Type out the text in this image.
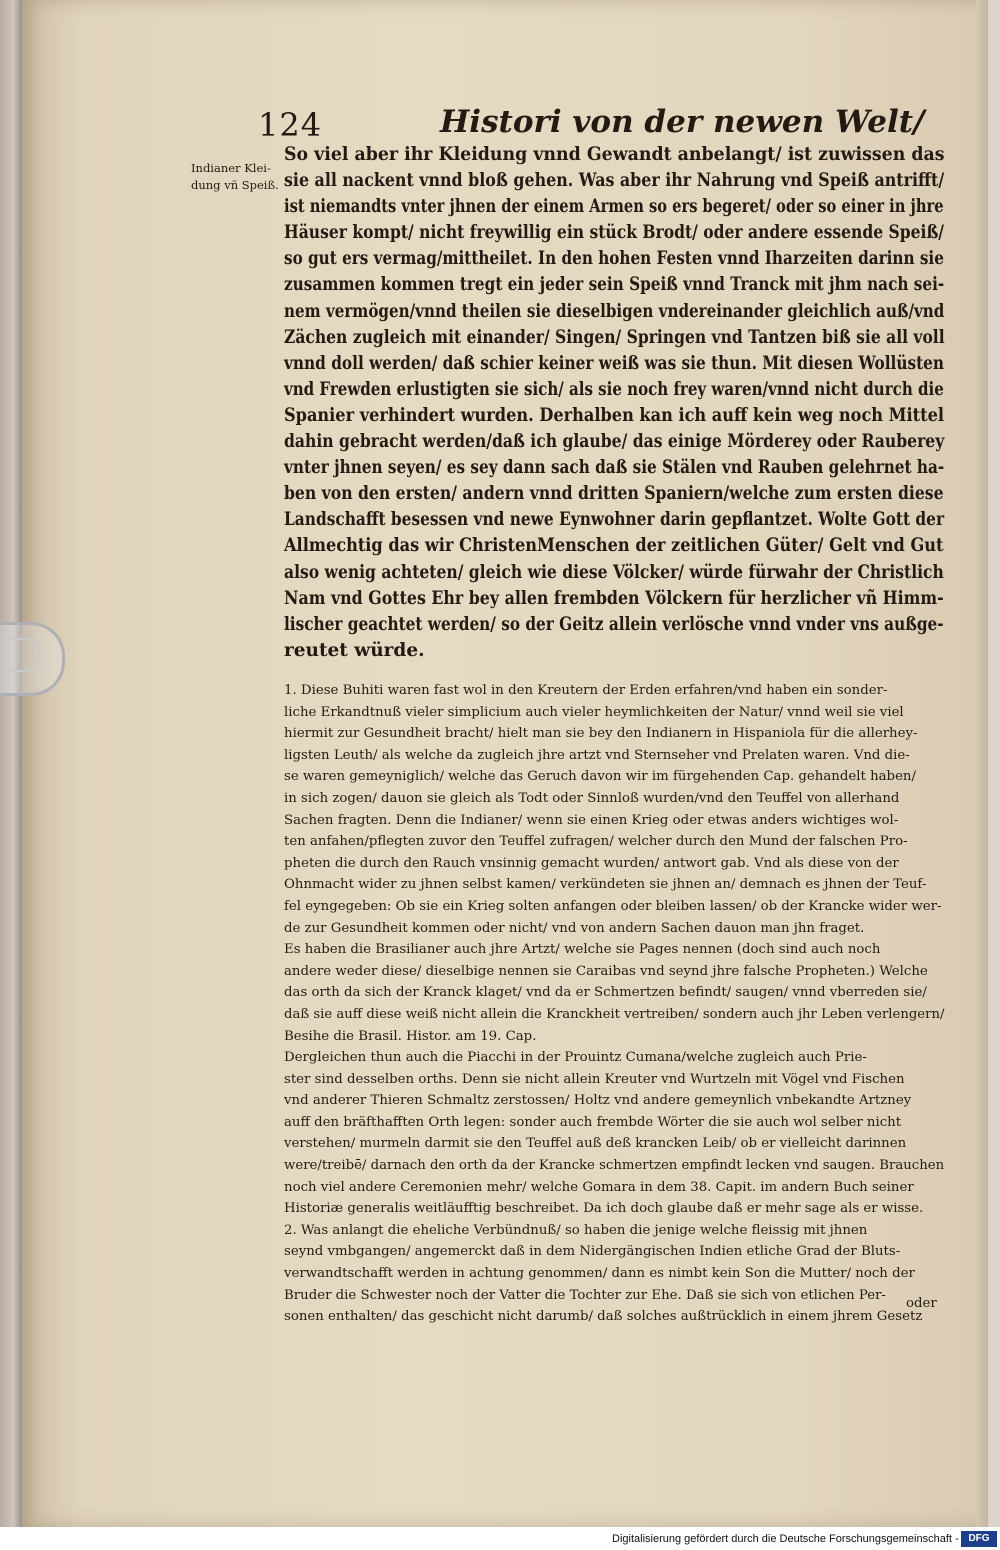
124	Histori von der newen Welt/
Indianer Klei-
dung vñ Speiß.
So viel aber ihr Kleidung vnnd Gewandt anbelangt/ ist zuwissen das
sie all nackent vnnd bloß gehen. Was aber ihr Nahrung vnd Speiß antrifft/
ist niemandts vnter jhnen der einem Armen so ers begeret/ oder so einer in jhre
Häuser kompt/ nicht freywillig ein stück Brodt/ oder andere essende Speiß/
so gut ers vermag/mittheilet. In den hohen Festen vnnd Iharzeiten darinn sie
zusammen kommen tregt ein jeder sein Speiß vnnd Tranck mit jhm nach sei-
nem vermögen/vnnd theilen sie dieselbigen vndereinander gleichlich auß/vnd
Zächen zugleich mit einander/ Singen/ Springen vnd Tantzen biß sie all voll
vnnd doll werden/ daß schier keiner weiß was sie thun. Mit diesen Wollüsten
vnd Frewden erlustigten sie sich/ als sie noch frey waren/vnnd nicht durch die
Spanier verhindert wurden. Derhalben kan ich auff kein weg noch Mittel
dahin gebracht werden/daß ich glaube/ das einige Mörderey oder Rauberey
vnter jhnen seyen/ es sey dann sach daß sie Stälen vnd Rauben gelehrnet ha-
ben von den ersten/ andern vnnd dritten Spaniern/welche zum ersten diese
Landschafft besessen vnd newe Eynwohner darin gepflantzet. Wolte Gott der
Allmechtig das wir ChristenMenschen der zeitlichen Güter/ Gelt vnd Gut
also wenig achteten/ gleich wie diese Völcker/ würde fürwahr der Christlich
Nam vnd Gottes Ehr bey allen frembden Völckern für herzlicher vñ Himm-
lischer geachtet werden/ so der Geitz allein verlösche vnnd vnder vns außge-
reutet würde.
1. Diese Buhiti waren fast wol in den Kreutern der Erden erfahren/vnd haben ein sonder-
liche Erkandtnuß vieler simplicium auch vieler heymlichkeiten der Natur/ vnnd weil sie viel
hiermit zur Gesundheit bracht/ hielt man sie bey den Indianern in Hispaniola für die allerhey-
ligsten Leuth/ als welche da zugleich jhre artzt vnd Sternseher vnd Prelaten waren. Vnd die-
se waren gemeyniglich/ welche das Geruch davon wir im fürgehenden Cap. gehandelt haben/
in sich zogen/ dauon sie gleich als Todt oder Sinnloß wurden/vnd den Teuffel von allerhand
Sachen fragten. Denn die Indianer/ wenn sie einen Krieg oder etwas anders wichtiges wol-
ten anfahen/pflegten zuvor den Teuffel zufragen/ welcher durch den Mund der falschen Pro-
pheten die durch den Rauch vnsinnig gemacht wurden/ antwort gab. Vnd als diese von der
Ohnmacht wider zu jhnen selbst kamen/ verkündeten sie jhnen an/ demnach es jhnen der Teuf-
fel eyngegeben: Ob sie ein Krieg solten anfangen oder bleiben lassen/ ob der Krancke wider wer-
de zur Gesundheit kommen oder nicht/ vnd von andern Sachen dauon man jhn fraget.
Es haben die Brasilianer auch jhre Artzt/ welche sie Pages nennen (doch sind auch noch
andere weder diese/ dieselbige nennen sie Caraibas vnd seynd jhre falsche Propheten.) Welche
das orth da sich der Kranck klaget/ vnd da er Schmertzen befindt/ saugen/ vnnd vberreden sie/
daß sie auff diese weiß nicht allein die Kranckheit vertreiben/ sondern auch jhr Leben verlengern/
Besihe die Brasil. Histor. am 19. Cap.
Dergleichen thun auch die Piacchi in der Prouintz Cumana/welche zugleich auch Prie-
ster sind desselben orths. Denn sie nicht allein Kreuter vnd Wurtzeln mit Vögel vnd Fischen
vnd anderer Thieren Schmaltz zerstossen/ Holtz vnd andere gemeynlich vnbekandte Artzney
auff den bräfthafften Orth legen: sonder auch frembde Wörter die sie auch wol selber nicht
verstehen/ murmeln darmit sie den Teuffel auß deß krancken Leib/ ob er vielleicht darinnen
were/treibē/ darnach den orth da der Krancke schmertzen empfindt lecken vnd saugen. Brauchen
noch viel andere Ceremonien mehr/ welche Gomara in dem 38. Capit. im andern Buch seiner
Historiæ generalis weitläufftig beschreibet. Da ich doch glaube daß er mehr sage als er wisse.
2. Was anlangt die eheliche Verbündnuß/ so haben die jenige welche fleissig mit jhnen
seynd vmbgangen/ angemerckt daß in dem Nidergängischen Indien etliche Grad der Bluts-
verwandtschafft werden in achtung genommen/ dann es nimbt kein Son die Mutter/ noch der
Bruder die Schwester noch der Vatter die Tochter zur Ehe. Daß sie sich von etlichen Per-
sonen enthalten/ das geschicht nicht darumb/ daß solches außtrücklich in einem jhrem Gesetz
oder
Digitalisierung gefördert durch die Deutsche Forschungsgemeinschaft - DFG
